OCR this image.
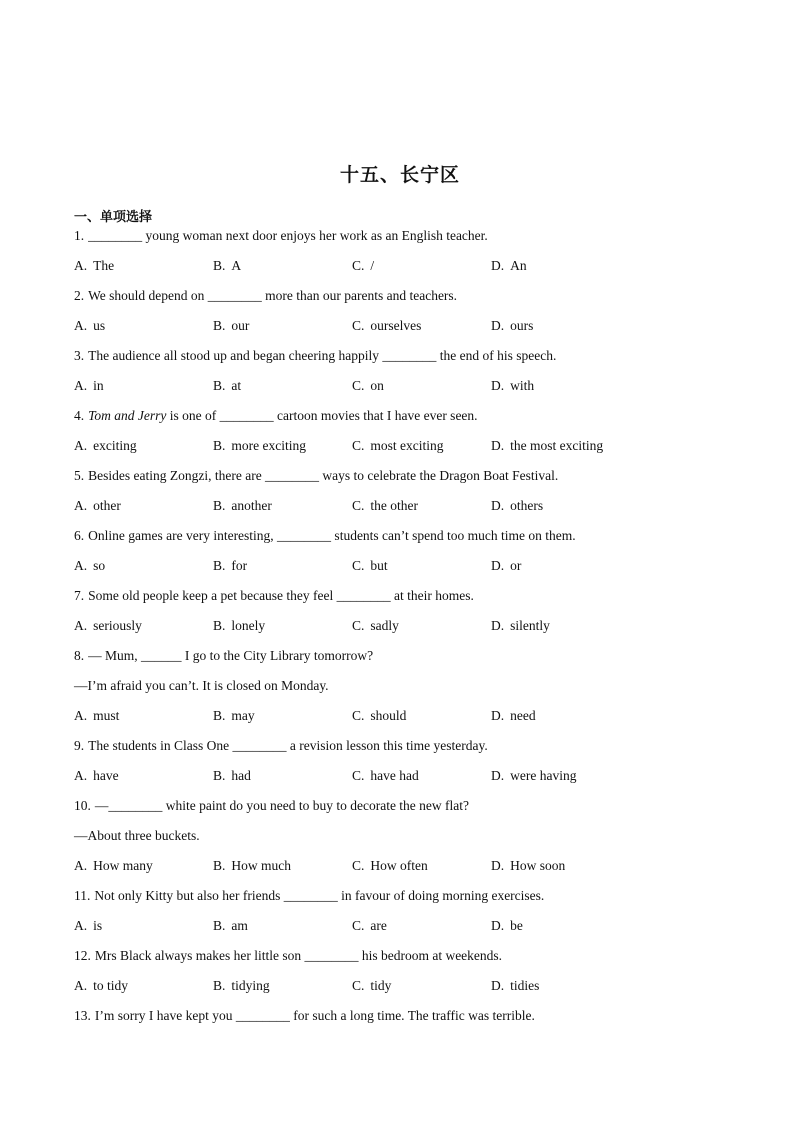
十五、长宁区
一、单项选择
1. ________ young woman next door enjoys her work as an English teacher.
A. The	B. A	C. /	D. An
2. We should depend on ________ more than our parents and teachers.
A. us	B. our	C. ourselves	D. ours
3. The audience all stood up and began cheering happily ________ the end of his speech.
A. in	B. at	C. on	D. with
4. Tom and Jerry is one of ________ cartoon movies that I have ever seen.
A. exciting	B. more exciting	C. most exciting	D. the most exciting
5. Besides eating Zongzi, there are ________ ways to celebrate the Dragon Boat Festival.
A. other	B. another	C. the other	D. others
6. Online games are very interesting, ________ students can’t spend too much time on them.
A. so	B. for	C. but	D. or
7. Some old people keep a pet because they feel ________ at their homes.
A. seriously	B. lonely	C. sadly	D. silently
8. — Mum, ______ I go to the City Library tomorrow?
—I’m afraid you can’t. It is closed on Monday.
A. must	B. may	C. should	D. need
9. The students in Class One ________ a revision lesson this time yesterday.
A. have	B. had	C. have had	D. were having
10. —________ white paint do you need to buy to decorate the new flat?
—About three buckets.
A. How many	B. How much	C. How often	D. How soon
11. Not only Kitty but also her friends ________ in favour of doing morning exercises.
A. is	B. am	C. are	D. be
12. Mrs Black always makes her little son ________ his bedroom at weekends.
A. to tidy	B. tidying	C. tidy	D. tidies
13. I’m sorry I have kept you ________ for such a long time. The traffic was terrible.
